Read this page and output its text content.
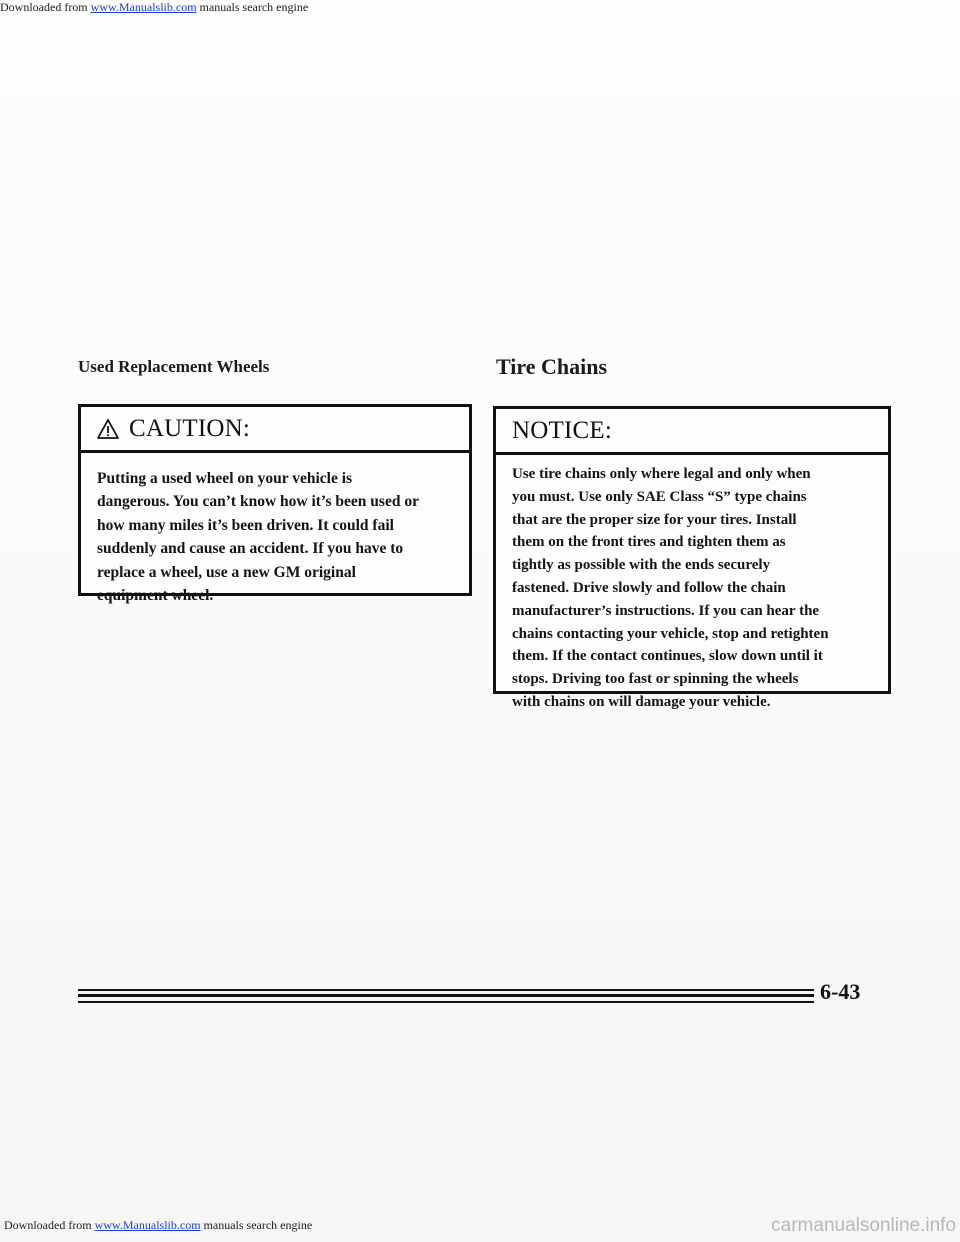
Downloaded from www.Manualslib.com manuals search engine
Used Replacement Wheels
CAUTION:
Putting a used wheel on your vehicle is
dangerous. You can’t know how it’s been used or
how many miles it’s been driven. It could fail
suddenly and cause an accident. If you have to
replace a wheel, use a new GM original
equipment wheel.
Tire Chains
NOTICE:
Use tire chains only where legal and only when
you must. Use only SAE Class “S” type chains
that are the proper size for your tires. Install
them on the front tires and tighten them as
tightly as possible with the ends securely
fastened. Drive slowly and follow the chain
manufacturer’s instructions. If you can hear the
chains contacting your vehicle, stop and retighten
them. If the contact continues, slow down until it
stops. Driving too fast or spinning the wheels
with chains on will damage your vehicle.
6-43
Downloaded from www.Manualslib.com manuals search engine	carmanualsonline.info
